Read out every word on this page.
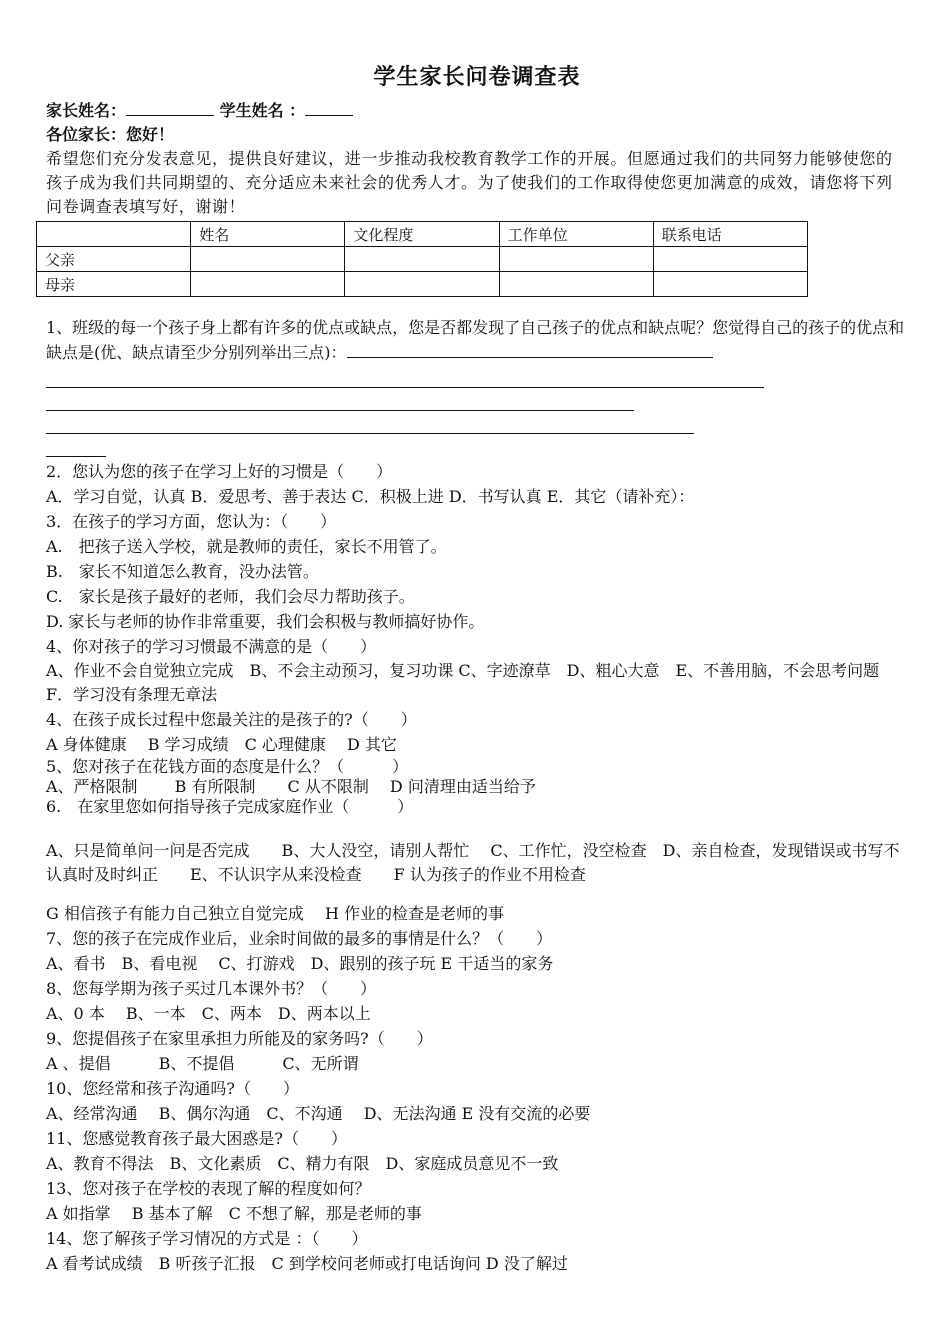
学生家长问卷调查表
家长姓名：	学生姓名 ：
各位家长：您好！
希望您们充分发表意见，提供良好建议，进一步推动我校教育教学工作的开展。但愿通过我们的共同努力能够使您的孩子成为我们共同期望的、充分适应未来社会的优秀人才。为了使我们的工作取得使您更加满意的成效，请您将下列问卷调查表填写好，谢谢！
	姓名	文化程度	工作单位	联系电话
父亲				
母亲				
1、班级的每一个孩子身上都有许多的优点或缺点，您是否都发现了自己孩子的优点和缺点呢？您觉得自己的孩子的优点和缺点是(优、缺点请至少分别列举出三点)：
2．您认为您的孩子在学习上好的习惯是（　　）
A．学习自觉，认真 B．爱思考、善于表达 C．积极上进 D．书写认真 E．其它（请补充）：
3．在孩子的学习方面，您认为：（　　）
A.　把孩子送入学校，就是教师的责任，家长不用管了。
B.　家长不知道怎么教育，没办法管。
C.　家长是孩子最好的老师，我们会尽力帮助孩子。
D. 家长与老师的协作非常重要，我们会积极与教师搞好协作。
4、你对孩子的学习习惯最不满意的是（　　）
A、作业不会自觉独立完成　B、不会主动预习，复习功课 C、字迹潦草　D、粗心大意　E、不善用脑，不会思考问题 F．学习没有条理无章法
4、在孩子成长过程中您最关注的是孩子的?（　　）
A 身体健康　 B 学习成绩　C 心理健康　 D 其它
5、您对孩子在花钱方面的态度是什么？（　　　）
A、严格限制　　 B 有所限制　　C 从不限制　 D 问清理由适当给予
6.　在家里您如何指导孩子完成家庭作业（　　　）
A、只是简单问一问是否完成　　B、大人没空，请别人帮忙　 C、工作忙，没空检查　D、亲自检查，发现错误或书写不认真时及时纠正　　E、不认识字从来没检查　　F 认为孩子的作业不用检查
G 相信孩子有能力自己独立自觉完成　 H 作业的检查是老师的事
7、您的孩子在完成作业后，业余时间做的最多的事情是什么？（　　）
A、看书　B、看电视　 C、打游戏　D、跟别的孩子玩 E 干适当的家务
8、您每学期为孩子买过几本课外书？（　　）
A、0 本　 B、一本　C、两本　D、两本以上
9、您提倡孩子在家里承担力所能及的家务吗?（　　）
A 、提倡　　　B、不提倡　　　C、无所谓
10、您经常和孩子沟通吗?（　　）
A、经常沟通　 B、偶尔沟通　C、不沟通　 D、无法沟通 E 没有交流的必要
11、您感觉教育孩子最大困惑是?（　　）
A、教育不得法　B、文化素质　C、精力有限　D、家庭成员意见不一致
13、您对孩子在学校的表现了解的程度如何？
A 如指掌　 B 基本了解　C 不想了解，那是老师的事
14、您了解孩子学习情况的方式是 ：（　　）
A 看考试成绩　B 听孩子汇报　C 到学校问老师或打电话询问 D 没了解过
